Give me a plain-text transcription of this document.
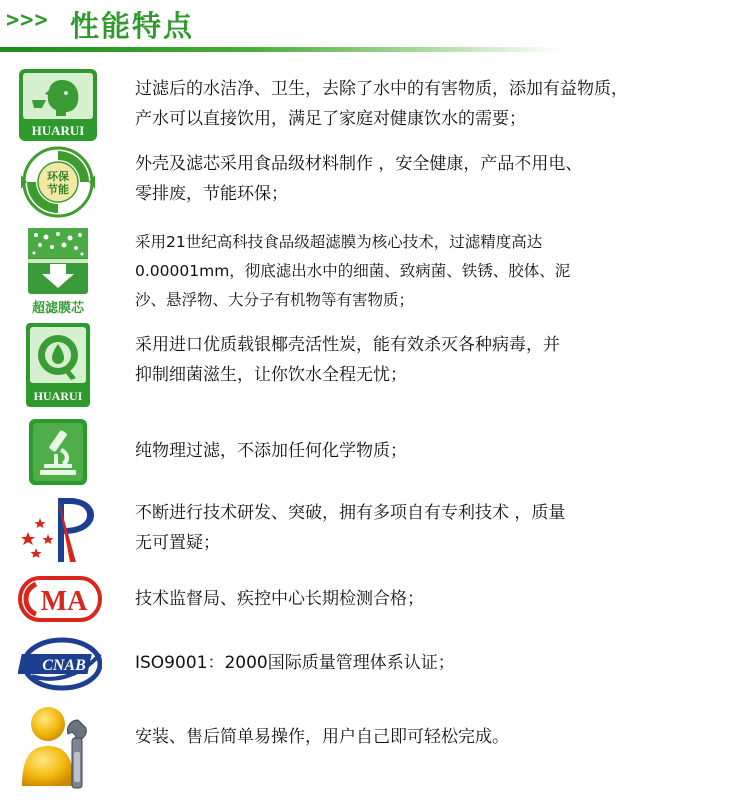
>>> 性能特点
HUARUI
过滤后的水洁净、卫生，去除了水中的有害物质，添加有益物质，
产水可以直接饮用，满足了家庭对健康饮水的需要；
环保
节能
外壳及滤芯采用食品级材料制作 ，安全健康，产品不用电、
零排废，节能环保；
超滤膜芯
采用21世纪高科技食品级超滤膜为核心技术，过滤精度高达
0.00001mm，彻底滤出水中的细菌、致病菌、铁锈、胶体、泥
沙、悬浮物、大分子有机物等有害物质；
HUARUI
采用进口优质载银椰壳活性炭，能有效杀灭各种病毒，并
抑制细菌滋生，让你饮水全程无忧；
纯物理过滤，不添加任何化学物质；
不断进行技术研发、突破，拥有多项自有专利技术 ，质量
无可置疑；
MA	技术监督局、疾控中心长期检测合格；
CNAB	ISO9001：2000国际质量管理体系认证；
安装、售后简单易操作，用户自己即可轻松完成。
